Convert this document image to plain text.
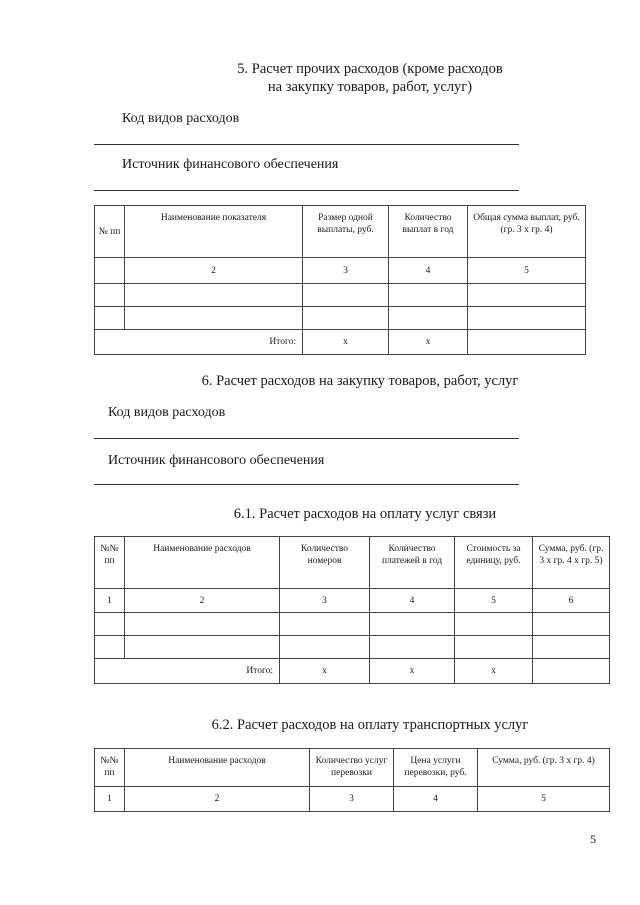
5. Расчет прочих расходов (кроме расходов
на закупку товаров, работ, услуг)
Код видов расходов
Источник финансового обеспечения
№ пп	Наименование показателя	Размер одной выплаты, руб.	Количество выплат в год	Общая сумма выплат, руб. (гр. 3 х гр. 4)
	2	3	4	5

Итого:		х	х	
6. Расчет расходов на закупку товаров, работ, услуг
Код видов расходов
Источник финансового обеспечения
6.1. Расчет расходов на оплату услуг связи
№№ пп	Наименование расходов	Количество номеров	Количество платежей в год	Стоимость за единицу, руб.	Сумма, руб. (гр. 3 х гр. 4 х гр. 5)
1	2	3	4	5	6

Итого:		х	х	х	
6.2. Расчет расходов на оплату транспортных услуг
№№ пп	Наименование расходов	Количество услуг перевозки	Цена услуги перевозки, руб.	Сумма, руб. (гр. 3 х гр. 4)
1	2	3	4	5
5
